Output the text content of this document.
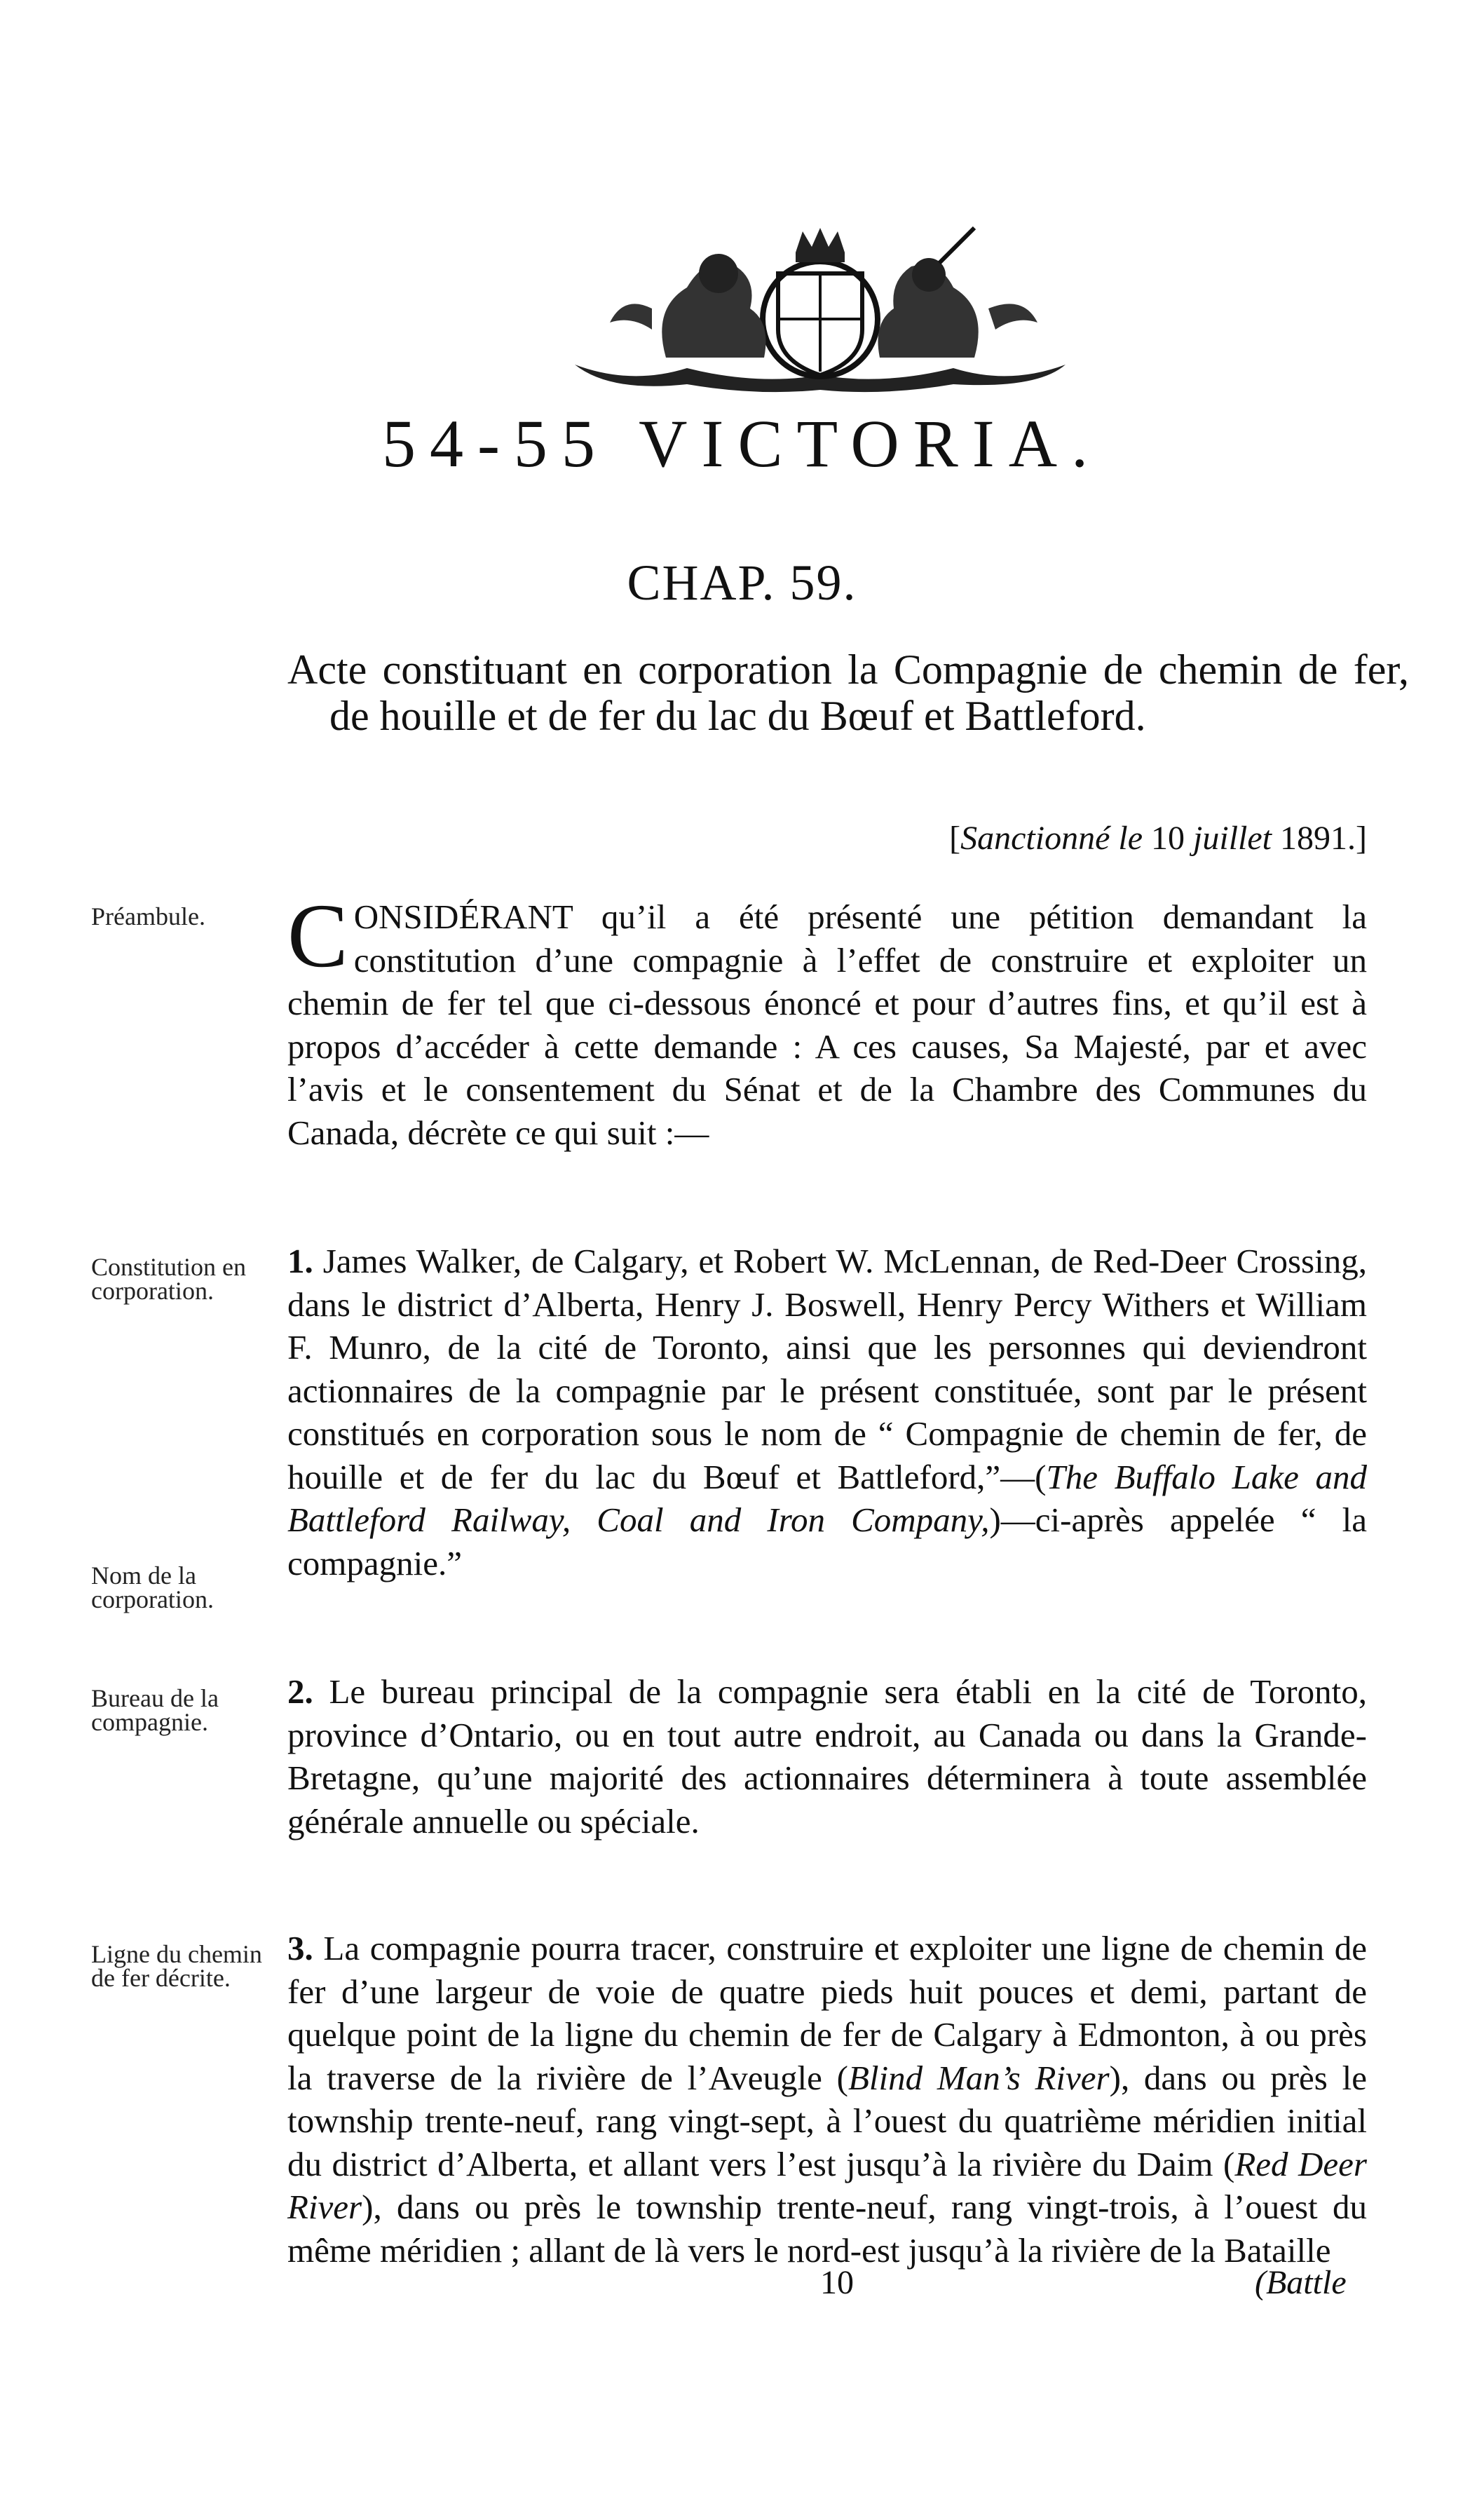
54-55 VICTORIA.
CHAP. 59.
Acte constituant en corporation la Compagnie de chemin de fer, de houille et de fer du lac du Bœuf et Battleford.
[Sanctionné le 10 juillet 1891.]
Préambule. CONSIDÉRANT qu’il a été présenté une pétition demandant la constitution d’une compagnie à l’effet de construire et exploiter un chemin de fer tel que ci-dessous énoncé et pour d’autres fins, et qu’il est à propos d’accéder à cette demande : A ces causes, Sa Majesté, par et avec l’avis et le consentement du Sénat et de la Chambre des Communes du Canada, décrète ce qui suit :—
Constitution en corporation.
Nom de la corporation.
1. James Walker, de Calgary, et Robert W. McLennan, de Red-Deer Crossing, dans le district d’Alberta, Henry J. Boswell, Henry Percy Withers et William F. Munro, de la cité de Toronto, ainsi que les personnes qui deviendront actionnaires de la compagnie par le présent constituée, sont par le présent constitués en corporation sous le nom de “ Compagnie de chemin de fer, de houille et de fer du lac du Bœuf et Battleford,”—(The Buffalo Lake and Battleford Railway, Coal and Iron Company,)—ci-après appelée “ la compagnie.”
Bureau de la compagnie.
2. Le bureau principal de la compagnie sera établi en la cité de Toronto, province d’Ontario, ou en tout autre endroit, au Canada ou dans la Grande-Bretagne, qu’une majorité des actionnaires déterminera à toute assemblée générale annuelle ou spéciale.
Ligne du chemin de fer décrite.
3. La compagnie pourra tracer, construire et exploiter une ligne de chemin de fer d’une largeur de voie de quatre pieds huit pouces et demi, partant de quelque point de la ligne du chemin de fer de Calgary à Edmonton, à ou près la traverse de la rivière de l’Aveugle (Blind Man’s River), dans ou près le township trente-neuf, rang vingt-sept, à l’ouest du quatrième méridien initial du district d’Alberta, et allant vers l’est jusqu’à la rivière du Daim (Red Deer River), dans ou près le township trente-neuf, rang vingt-trois, à l’ouest du même méridien ; allant de là vers le nord-est jusqu’à la rivière de la Bataille
10	(Battle
